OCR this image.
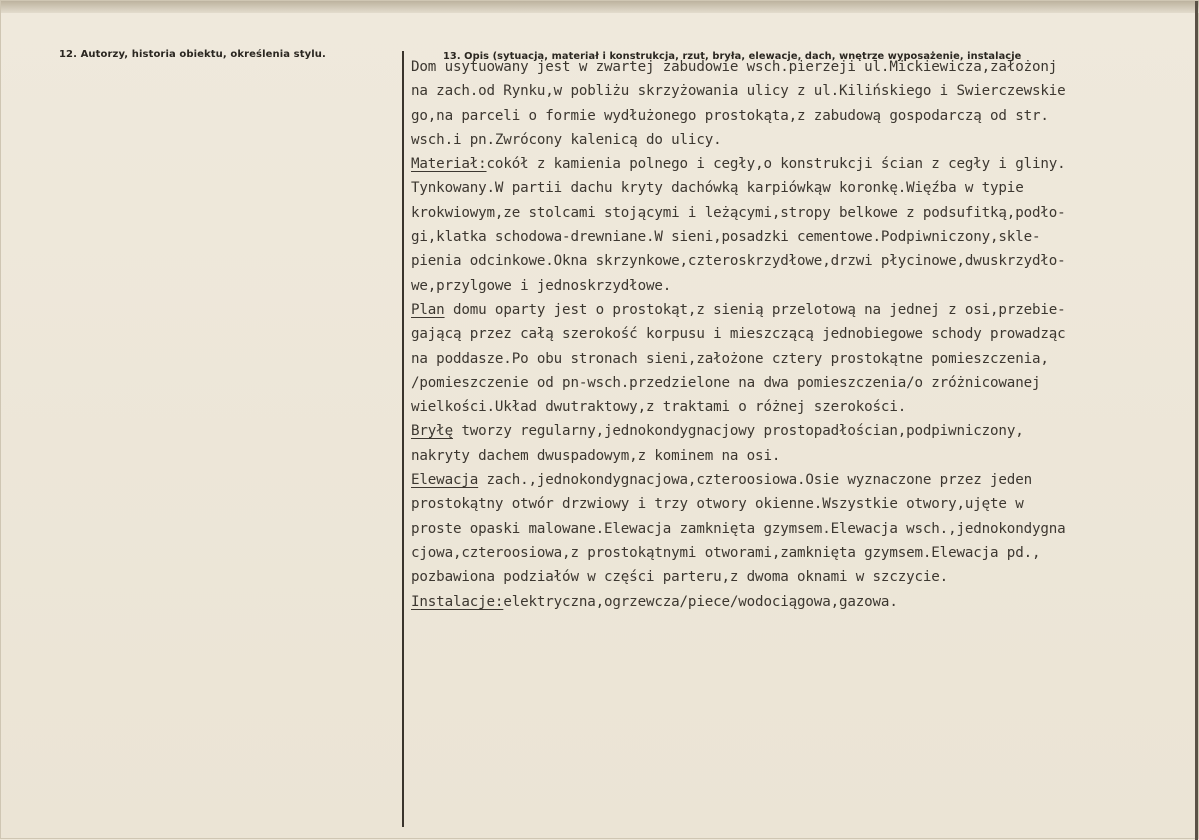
12. Autorzy, historia obiektu, określenia stylu.	13. Opis (sytuacja, materiał i konstrukcja, rzut, bryła, elewacje, dach, wnętrze wyposażenie, instalacje
Dom usytuowany jest w zwartej zabudowie wsch.pierzeji ul.Mickiewicza,założonj
na zach.od Rynku,w pobliżu skrzyżowania ulicy z ul.Kilińskiego i Swierczewskie
go,na parceli o formie wydłużonego prostokąta,z zabudową gospodarczą od str.
wsch.i pn.Zwrócony kalenicą do ulicy.
Materiał:cokół z kamienia polnego i cegły,o konstrukcji ścian z cegły i gliny.
Tynkowany.W partii dachu kryty dachówką karpiówkąw koronkę.Więźba w typie
krokwiowym,ze stolcami stojącymi i leżącymi,stropy belkowe z podsufitką,podło-
gi,klatka schodowa-drewniane.W sieni,posadzki cementowe.Podpiwniczony,skle-
pienia odcinkowe.Okna skrzynkowe,czteroskrzydłowe,drzwi płycinowe,dwuskrzydło-
we,przylgowe i jednoskrzydłowe.
Plan domu oparty jest o prostokąt,z sienią przelotową na jednej z osi,przebie-
gającą przez całą szerokość korpusu i mieszczącą jednobiegowe schody prowadząc
na poddasze.Po obu stronach sieni,założone cztery prostokątne pomieszczenia,
/pomieszczenie od pn-wsch.przedzielone na dwa pomieszczenia/o zróżnicowanej
wielkości.Układ dwutraktowy,z traktami o różnej szerokości.
Bryłę tworzy regularny,jednokondygnacjowy prostopadłościan,podpiwniczony,
nakryty dachem dwuspadowym,z kominem na osi.
Elewacja zach.,jednokondygnacjowa,czteroosiowa.Osie wyznaczone przez jeden
prostokątny otwór drzwiowy i trzy otwory okienne.Wszystkie otwory,ujęte w
proste opaski malowane.Elewacja zamknięta gzymsem.Elewacja wsch.,jednokondygna
cjowa,czteroosiowa,z prostokątnymi otworami,zamknięta gzymsem.Elewacja pd.,
pozbawiona podziałów w części parteru,z dwoma oknami w szczycie.
Instalacje:elektryczna,ogrzewcza/piece/wodociągowa,gazowa.
